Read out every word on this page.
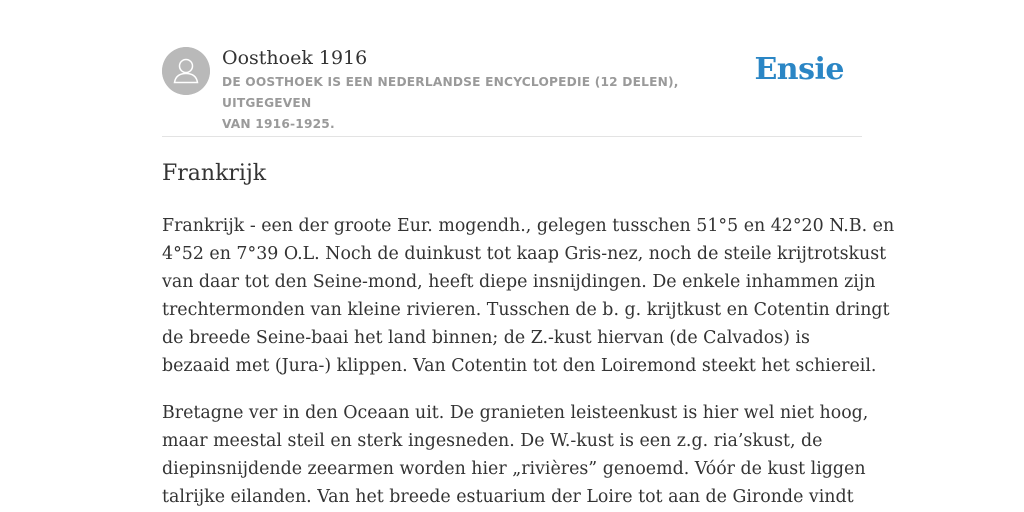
Oosthoek 1916
DE OOSTHOEK IS EEN NEDERLANDSE ENCYCLOPEDIE (12 DELEN), UITGEGEVEN
VAN 1916-1925.
Ensie
Frankrijk

Frankrijk - een der groote Eur. mogendh., gelegen tusschen 51°5 en 42°20 N.B. en
4°52 en 7°39 O.L. Noch de duinkust tot kaap Gris-nez, noch de steile krijtrotskust
van daar tot den Seine-mond, heeft diepe insnijdingen. De enkele inhammen zijn
trechtermonden van kleine rivieren. Tusschen de b. g. krijtkust en Cotentin dringt
de breede Seine-baai het land binnen; de Z.-kust hiervan (de Calvados) is
bezaaid met (Jura-) klippen. Van Cotentin tot den Loiremond steekt het schiereil.

Bretagne ver in den Oceaan uit. De granieten leisteenkust is hier wel niet hoog,
maar meestal steil en sterk ingesneden. De W.-kust is een z.g. ria’skust, de
diepinsnijdende zeearmen worden hier „rivières” genoemd. Vóór de kust liggen
talrijke eilanden. Van het breede estuarium der Loire tot aan de Gironde vindt
